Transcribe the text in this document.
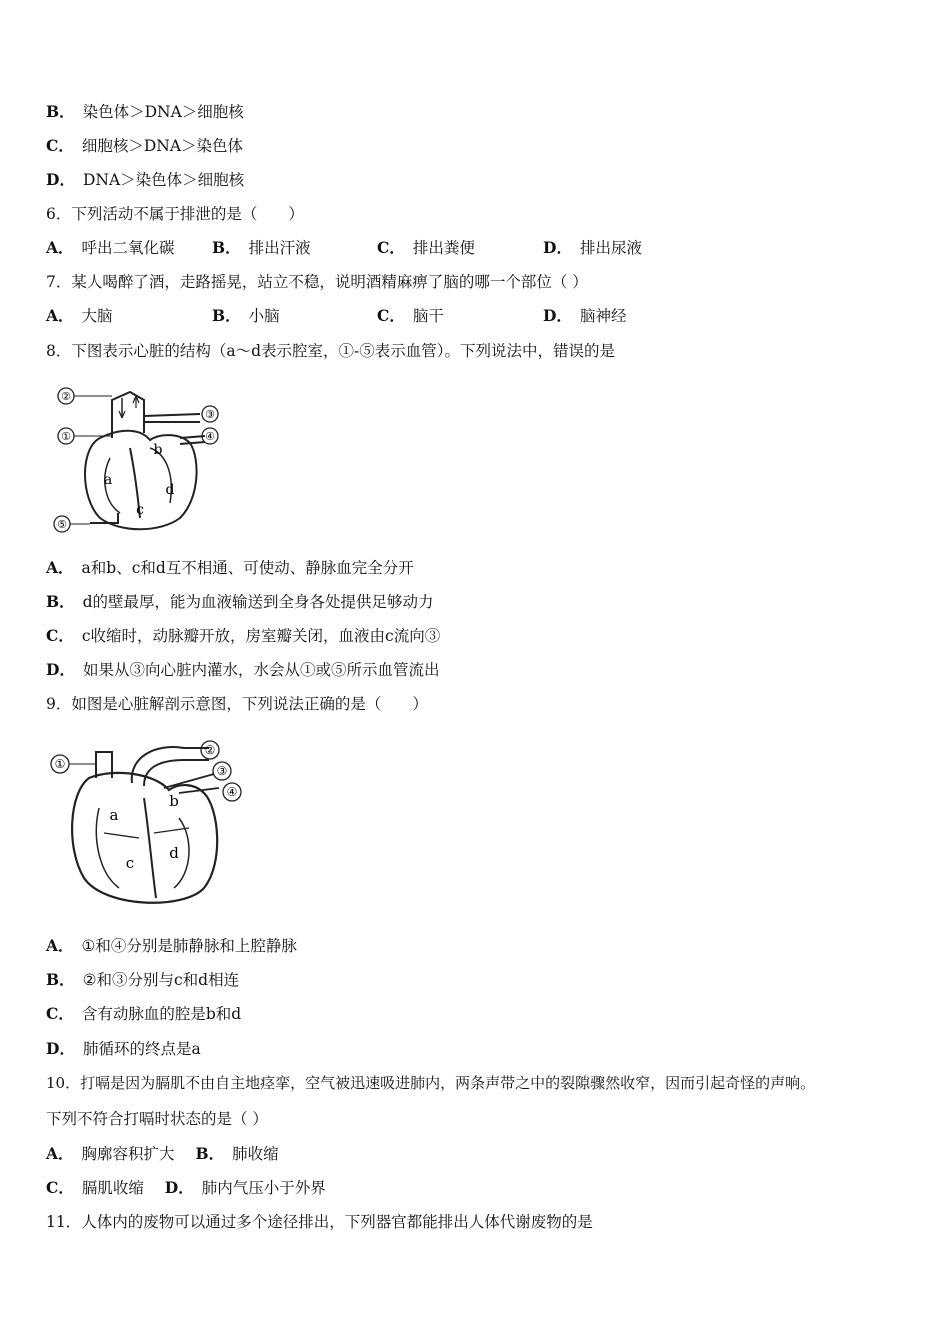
B． 染色体＞DNA＞细胞核
C． 细胞核＞DNA＞染色体
D． DNA＞染色体＞细胞核
6．下列活动不属于排泄的是（　　）
A． 呼出二氧化碳 B． 排出汗液	C． 排出粪便	D． 排出尿液
7．某人喝醉了酒，走路摇晃，站立不稳，说明酒精麻痹了脑的哪一个部位（ ）
A． 大脑	B． 小脑	C． 脑干	D． 脑神经
8．下图表示心脏的结构（a～d表示腔室，①-⑤表示血管）。下列说法中，错误的是
②
①
③
④
⑤
a
b
c
d
A． a和b、c和d互不相通、可使动、静脉血完全分开
B． d的壁最厚，能为血液输送到全身各处提供足够动力
C． c收缩时，动脉瓣开放，房室瓣关闭，血液由c流向③
D． 如果从③向心脏内灌水，水会从①或⑤所示血管流出
9．如图是心脏解剖示意图，下列说法正确的是（　　）
①
②
③
④
a
b
c
d
A． ①和④分别是肺静脉和上腔静脉
B． ②和③分别与c和d相连
C． 含有动脉血的腔是b和d
D． 肺循环的终点是a
10．打嗝是因为膈肌不由自主地痉挛，空气被迅速吸进肺内，两条声带之中的裂隙骤然收窄，因而引起奇怪的声响。
下列不符合打嗝时状态的是（ ）
A． 胸廓容积扩大 B． 肺收缩
C． 膈肌收缩 D． 肺内气压小于外界
11．人体内的废物可以通过多个途径排出，下列器官都能排出人体代谢废物的是
